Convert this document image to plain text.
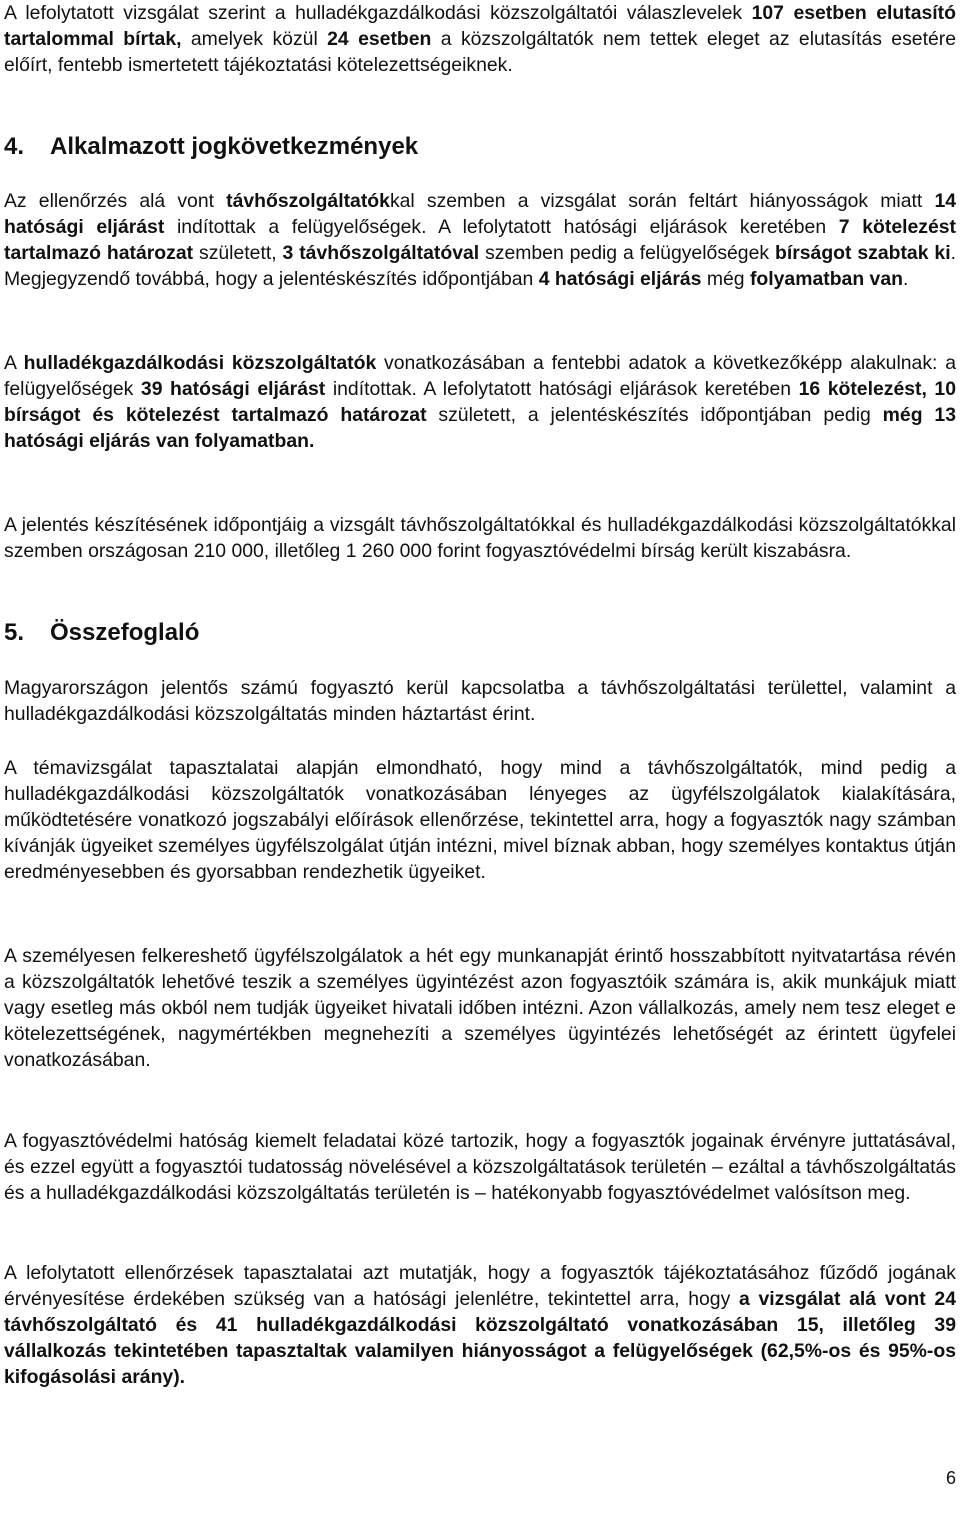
A lefolytatott vizsgálat szerint a hulladékgazdálkodási közszolgáltatói válaszlevelek 107 esetben elutasító tartalommal bírtak, amelyek közül 24 esetben a közszolgáltatók nem tettek eleget az elutasítás esetére előírt, fentebb ismertetett tájékoztatási kötelezettségeiknek.

4. Alkalmazott jogkövetkezmények

Az ellenőrzés alá vont távhőszolgáltatókkal szemben a vizsgálat során feltárt hiányosságok miatt 14 hatósági eljárást indítottak a felügyelőségek. A lefolytatott hatósági eljárások keretében 7 kötelezést tartalmazó határozat született, 3 távhőszolgáltatóval szemben pedig a felügyelőségek bírságot szabtak ki. Megjegyzendő továbbá, hogy a jelentéskészítés időpontjában 4 hatósági eljárás még folyamatban van.

A hulladékgazdálkodási közszolgáltatók vonatkozásában a fentebbi adatok a következőképp alakulnak: a felügyelőségek 39 hatósági eljárást indítottak. A lefolytatott hatósági eljárások keretében 16 kötelezést, 10 bírságot és kötelezést tartalmazó határozat született, a jelentéskészítés időpontjában pedig még 13 hatósági eljárás van folyamatban.

A jelentés készítésének időpontjáig a vizsgált távhőszolgáltatókkal és hulladékgazdálkodási közszolgáltatókkal szemben országosan 210 000, illetőleg 1 260 000 forint fogyasztóvédelmi bírság került kiszabásra.

5. Összefoglaló

Magyarországon jelentős számú fogyasztó kerül kapcsolatba a távhőszolgáltatási területtel, valamint a hulladékgazdálkodási közszolgáltatás minden háztartást érint.

A témavizsgálat tapasztalatai alapján elmondható, hogy mind a távhőszolgáltatók, mind pedig a hulladékgazdálkodási közszolgáltatók vonatkozásában lényeges az ügyfélszolgálatok kialakítására, működtetésére vonatkozó jogszabályi előírások ellenőrzése, tekintettel arra, hogy a fogyasztók nagy számban kívánják ügyeiket személyes ügyfélszolgálat útján intézni, mivel bíznak abban, hogy személyes kontaktus útján eredményesebben és gyorsabban rendezhetik ügyeiket.

A személyesen felkereshető ügyfélszolgálatok a hét egy munkanapját érintő hosszabbított nyitvatartása révén a közszolgáltatók lehetővé teszik a személyes ügyintézést azon fogyasztóik számára is, akik munkájuk miatt vagy esetleg más okból nem tudják ügyeiket hivatali időben intézni. Azon vállalkozás, amely nem tesz eleget e kötelezettségének, nagymértékben megnehezíti a személyes ügyintézés lehetőségét az érintett ügyfelei vonatkozásában.

A fogyasztóvédelmi hatóság kiemelt feladatai közé tartozik, hogy a fogyasztók jogainak érvényre juttatásával, és ezzel együtt a fogyasztói tudatosság növelésével a közszolgáltatások területén – ezáltal a távhőszolgáltatás és a hulladékgazdálkodási közszolgáltatás területén is – hatékonyabb fogyasztóvédelmet valósítson meg.

A lefolytatott ellenőrzések tapasztalatai azt mutatják, hogy a fogyasztók tájékoztatásához fűződő jogának érvényesítése érdekében szükség van a hatósági jelenlétre, tekintettel arra, hogy a vizsgálat alá vont 24 távhőszolgáltató és 41 hulladékgazdálkodási közszolgáltató vonatkozásában 15, illetőleg 39 vállalkozás tekintetében tapasztaltak valamilyen hiányosságot a felügyelőségek (62,5%-os és 95%-os kifogásolási arány).

6
